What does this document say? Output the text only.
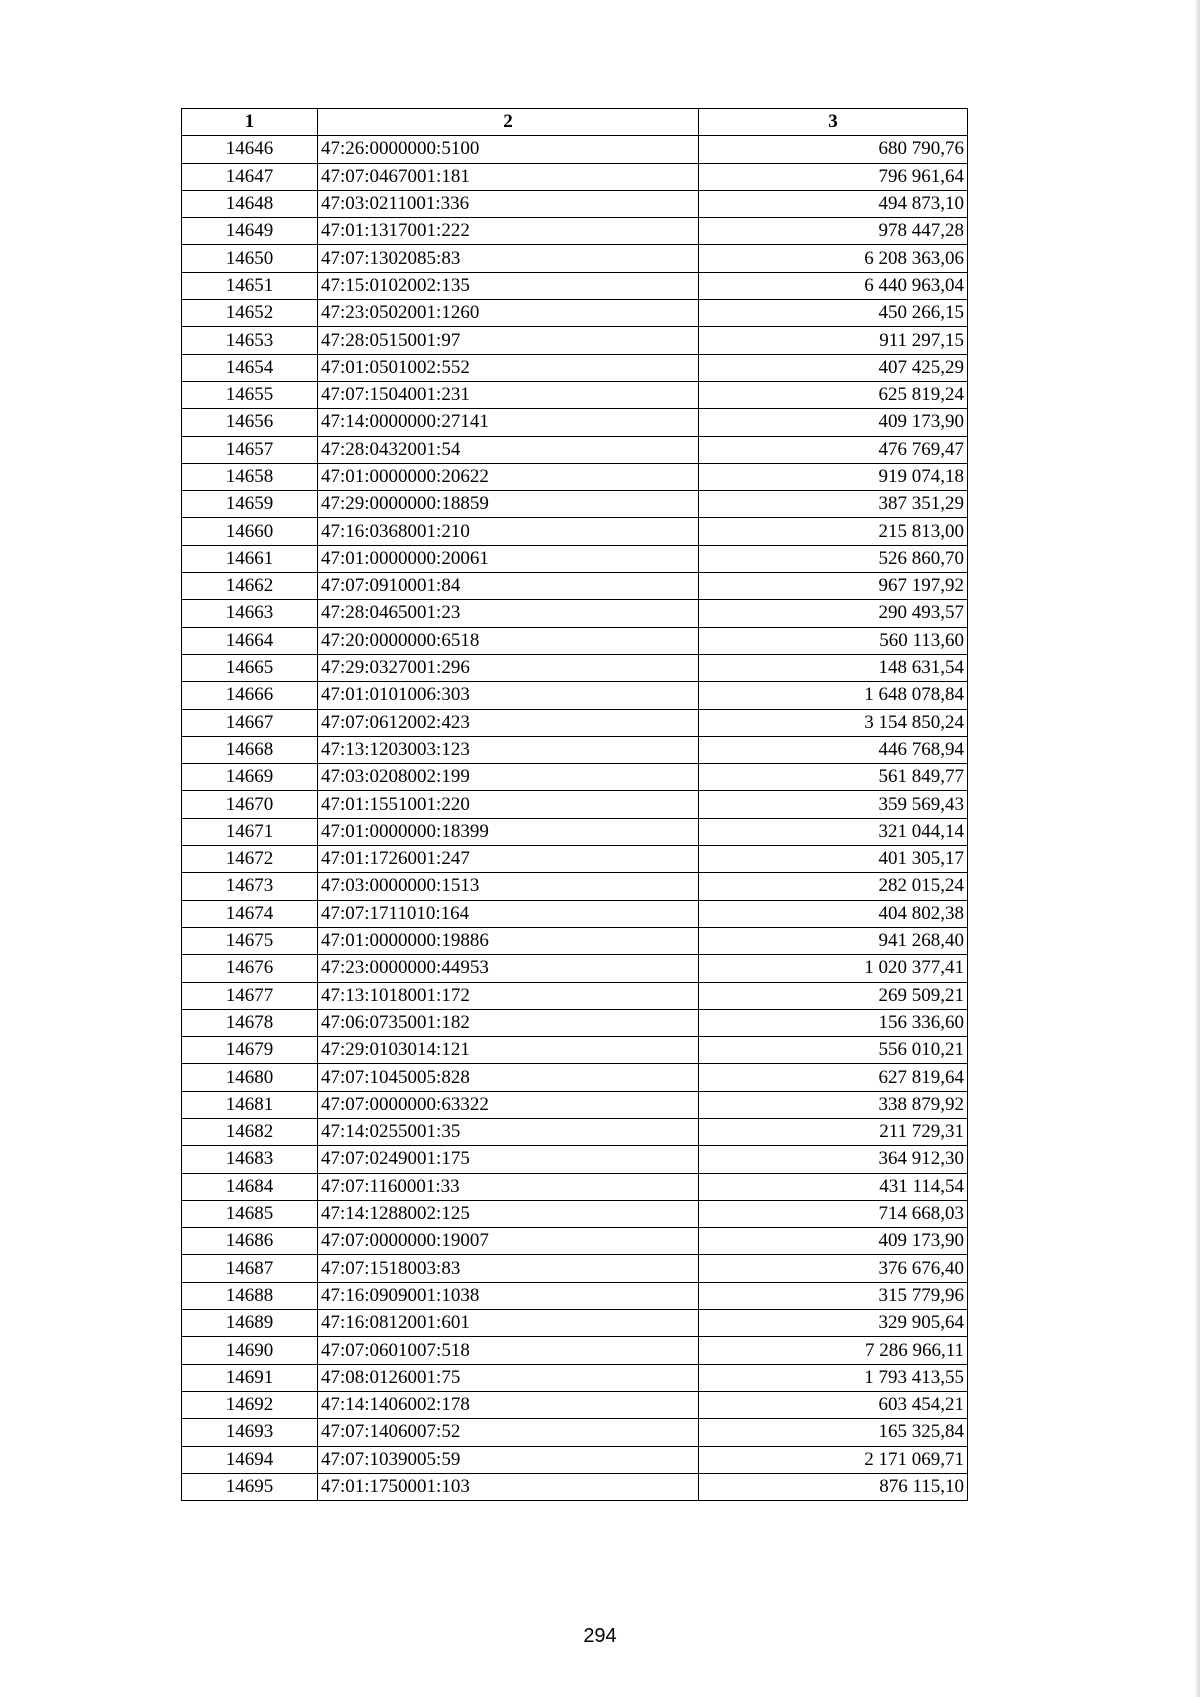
1	2	3
14646	47:26:0000000:5100	680 790,76
14647	47:07:0467001:181	796 961,64
14648	47:03:0211001:336	494 873,10
14649	47:01:1317001:222	978 447,28
14650	47:07:1302085:83	6 208 363,06
14651	47:15:0102002:135	6 440 963,04
14652	47:23:0502001:1260	450 266,15
14653	47:28:0515001:97	911 297,15
14654	47:01:0501002:552	407 425,29
14655	47:07:1504001:231	625 819,24
14656	47:14:0000000:27141	409 173,90
14657	47:28:0432001:54	476 769,47
14658	47:01:0000000:20622	919 074,18
14659	47:29:0000000:18859	387 351,29
14660	47:16:0368001:210	215 813,00
14661	47:01:0000000:20061	526 860,70
14662	47:07:0910001:84	967 197,92
14663	47:28:0465001:23	290 493,57
14664	47:20:0000000:6518	560 113,60
14665	47:29:0327001:296	148 631,54
14666	47:01:0101006:303	1 648 078,84
14667	47:07:0612002:423	3 154 850,24
14668	47:13:1203003:123	446 768,94
14669	47:03:0208002:199	561 849,77
14670	47:01:1551001:220	359 569,43
14671	47:01:0000000:18399	321 044,14
14672	47:01:1726001:247	401 305,17
14673	47:03:0000000:1513	282 015,24
14674	47:07:1711010:164	404 802,38
14675	47:01:0000000:19886	941 268,40
14676	47:23:0000000:44953	1 020 377,41
14677	47:13:1018001:172	269 509,21
14678	47:06:0735001:182	156 336,60
14679	47:29:0103014:121	556 010,21
14680	47:07:1045005:828	627 819,64
14681	47:07:0000000:63322	338 879,92
14682	47:14:0255001:35	211 729,31
14683	47:07:0249001:175	364 912,30
14684	47:07:1160001:33	431 114,54
14685	47:14:1288002:125	714 668,03
14686	47:07:0000000:19007	409 173,90
14687	47:07:1518003:83	376 676,40
14688	47:16:0909001:1038	315 779,96
14689	47:16:0812001:601	329 905,64
14690	47:07:0601007:518	7 286 966,11
14691	47:08:0126001:75	1 793 413,55
14692	47:14:1406002:178	603 454,21
14693	47:07:1406007:52	165 325,84
14694	47:07:1039005:59	2 171 069,71
14695	47:01:1750001:103	876 115,10
294
